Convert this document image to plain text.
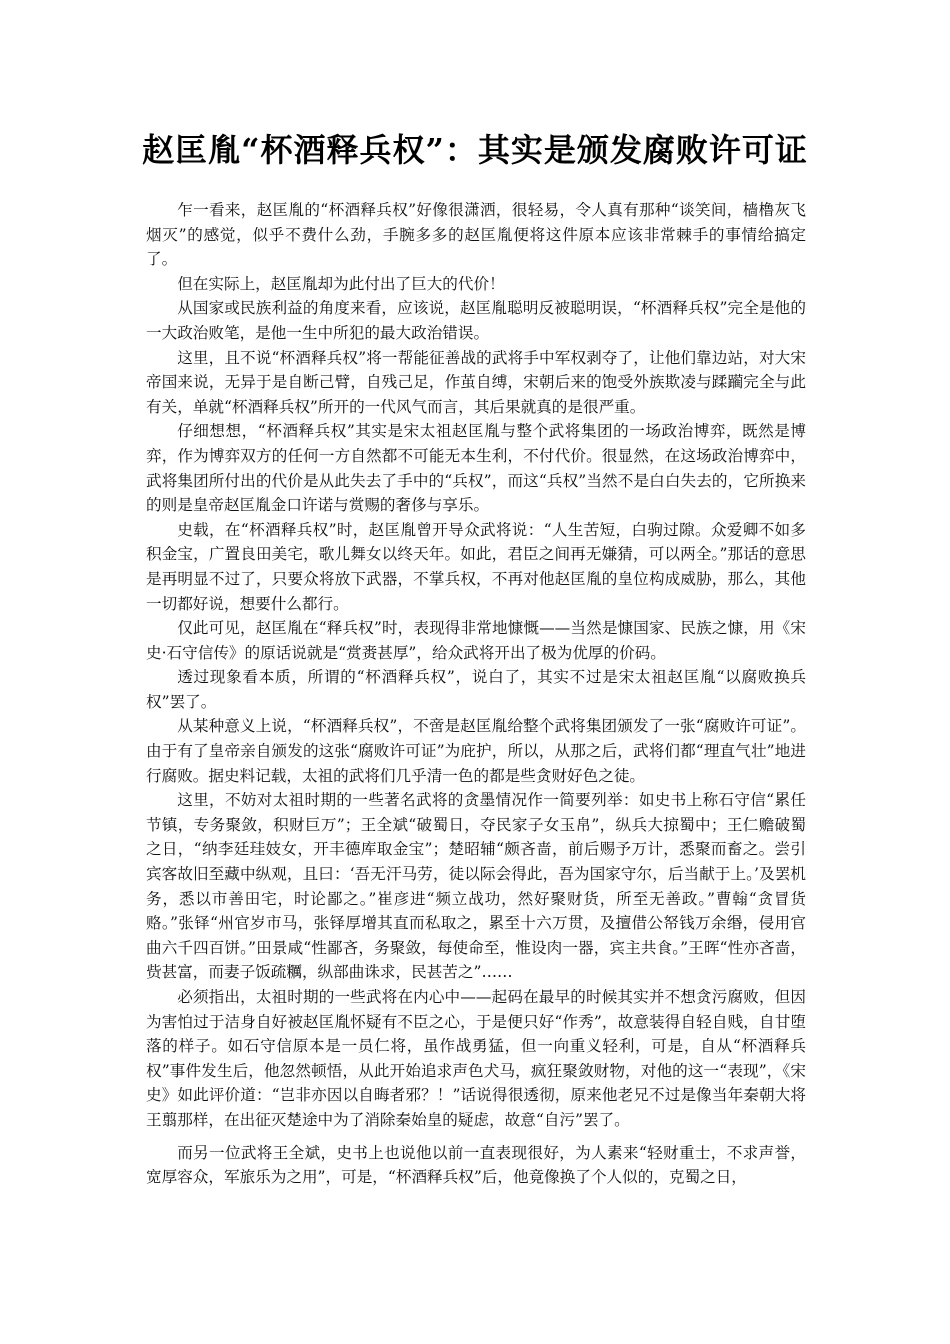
赵匡胤“杯酒释兵权”：其实是颁发腐败许可证

乍一看来，赵匡胤的“杯酒释兵权”好像很潇洒，很轻易，令人真有那种“谈笑间，樯橹灰飞烟灭”的感觉，似乎不费什么劲，手腕多多的赵匡胤便将这件原本应该非常棘手的事情给搞定了。

但在实际上，赵匡胤却为此付出了巨大的代价！

从国家或民族利益的角度来看，应该说，赵匡胤聪明反被聪明误，“杯酒释兵权”完全是他的一大政治败笔，是他一生中所犯的最大政治错误。

这里，且不说“杯酒释兵权”将一帮能征善战的武将手中军权剥夺了，让他们靠边站，对大宋帝国来说，无异于是自断己臂，自残己足，作茧自缚，宋朝后来的饱受外族欺凌与蹂躏完全与此有关，单就“杯酒释兵权”所开的一代风气而言，其后果就真的是很严重。

仔细想想，“杯酒释兵权”其实是宋太祖赵匡胤与整个武将集团的一场政治博弈，既然是博弈，作为博弈双方的任何一方自然都不可能无本生利，不付代价。很显然，在这场政治博弈中，武将集团所付出的代价是从此失去了手中的“兵权”，而这“兵权”当然不是白白失去的，它所换来的则是皇帝赵匡胤金口许诺与赏赐的奢侈与享乐。

史载，在“杯酒释兵权”时，赵匡胤曾开导众武将说：“人生苦短，白驹过隙。众爱卿不如多积金宝，广置良田美宅，歌儿舞女以终天年。如此，君臣之间再无嫌猜，可以两全。”那话的意思是再明显不过了，只要众将放下武器，不掌兵权，不再对他赵匡胤的皇位构成威胁，那么，其他一切都好说，想要什么都行。

仅此可见，赵匡胤在“释兵权”时，表现得非常地慷慨——当然是慷国家、民族之慷，用《宋史·石守信传》的原话说就是“赏赉甚厚”，给众武将开出了极为优厚的价码。

透过现象看本质，所谓的“杯酒释兵权”，说白了，其实不过是宋太祖赵匡胤“以腐败换兵权”罢了。

从某种意义上说，“杯酒释兵权”，不啻是赵匡胤给整个武将集团颁发了一张“腐败许可证”。由于有了皇帝亲自颁发的这张“腐败许可证”为庇护，所以，从那之后，武将们都“理直气壮”地进行腐败。据史料记载，太祖的武将们几乎清一色的都是些贪财好色之徒。

这里，不妨对太祖时期的一些著名武将的贪墨情况作一简要列举：如史书上称石守信“累任节镇，专务聚敛，积财巨万”；王全斌“破蜀日，夺民家子女玉帛”，纵兵大掠蜀中；王仁赡破蜀之日，“纳李廷珪妓女，开丰德库取金宝”；楚昭辅“颇吝啬，前后赐予万计，悉聚而畜之。尝引宾客故旧至藏中纵观，且曰：‘吾无汗马劳，徒以际会得此，吾为国家守尔，后当献于上。’及罢机务，悉以市善田宅，时论鄙之。”崔彦进“频立战功，然好聚财货，所至无善政。”曹翰“贪冒货赂。”张铎“州官岁市马，张铎厚增其直而私取之，累至十六万贯，及擅借公帑钱万余缗，侵用官曲六千四百饼。”田景咸“性鄙吝，务聚敛，每使命至，惟设肉一器，宾主共食。”王晖“性亦吝啬，赀甚富，而妻子饭疏糲，纵部曲诛求，民甚苦之”……

必须指出，太祖时期的一些武将在内心中——起码在最早的时候其实并不想贪污腐败，但因为害怕过于洁身自好被赵匡胤怀疑有不臣之心，于是便只好“作秀”，故意装得自轻自贱，自甘堕落的样子。如石守信原本是一员仁将，虽作战勇猛，但一向重义轻利，可是，自从“杯酒释兵权”事件发生后，他忽然顿悟，从此开始追求声色犬马，疯狂聚敛财物，对他的这一“表现”，《宋史》如此评价道：“岂非亦因以自晦者邪？！”话说得很透彻，原来他老兄不过是像当年秦朝大将王翦那样，在出征灭楚途中为了消除秦始皇的疑虑，故意“自污”罢了。

而另一位武将王全斌，史书上也说他以前一直表现很好，为人素来“轻财重士，不求声誉，宽厚容众，军旅乐为之用”，可是，“杯酒释兵权”后，他竟像换了个人似的，克蜀之日，
